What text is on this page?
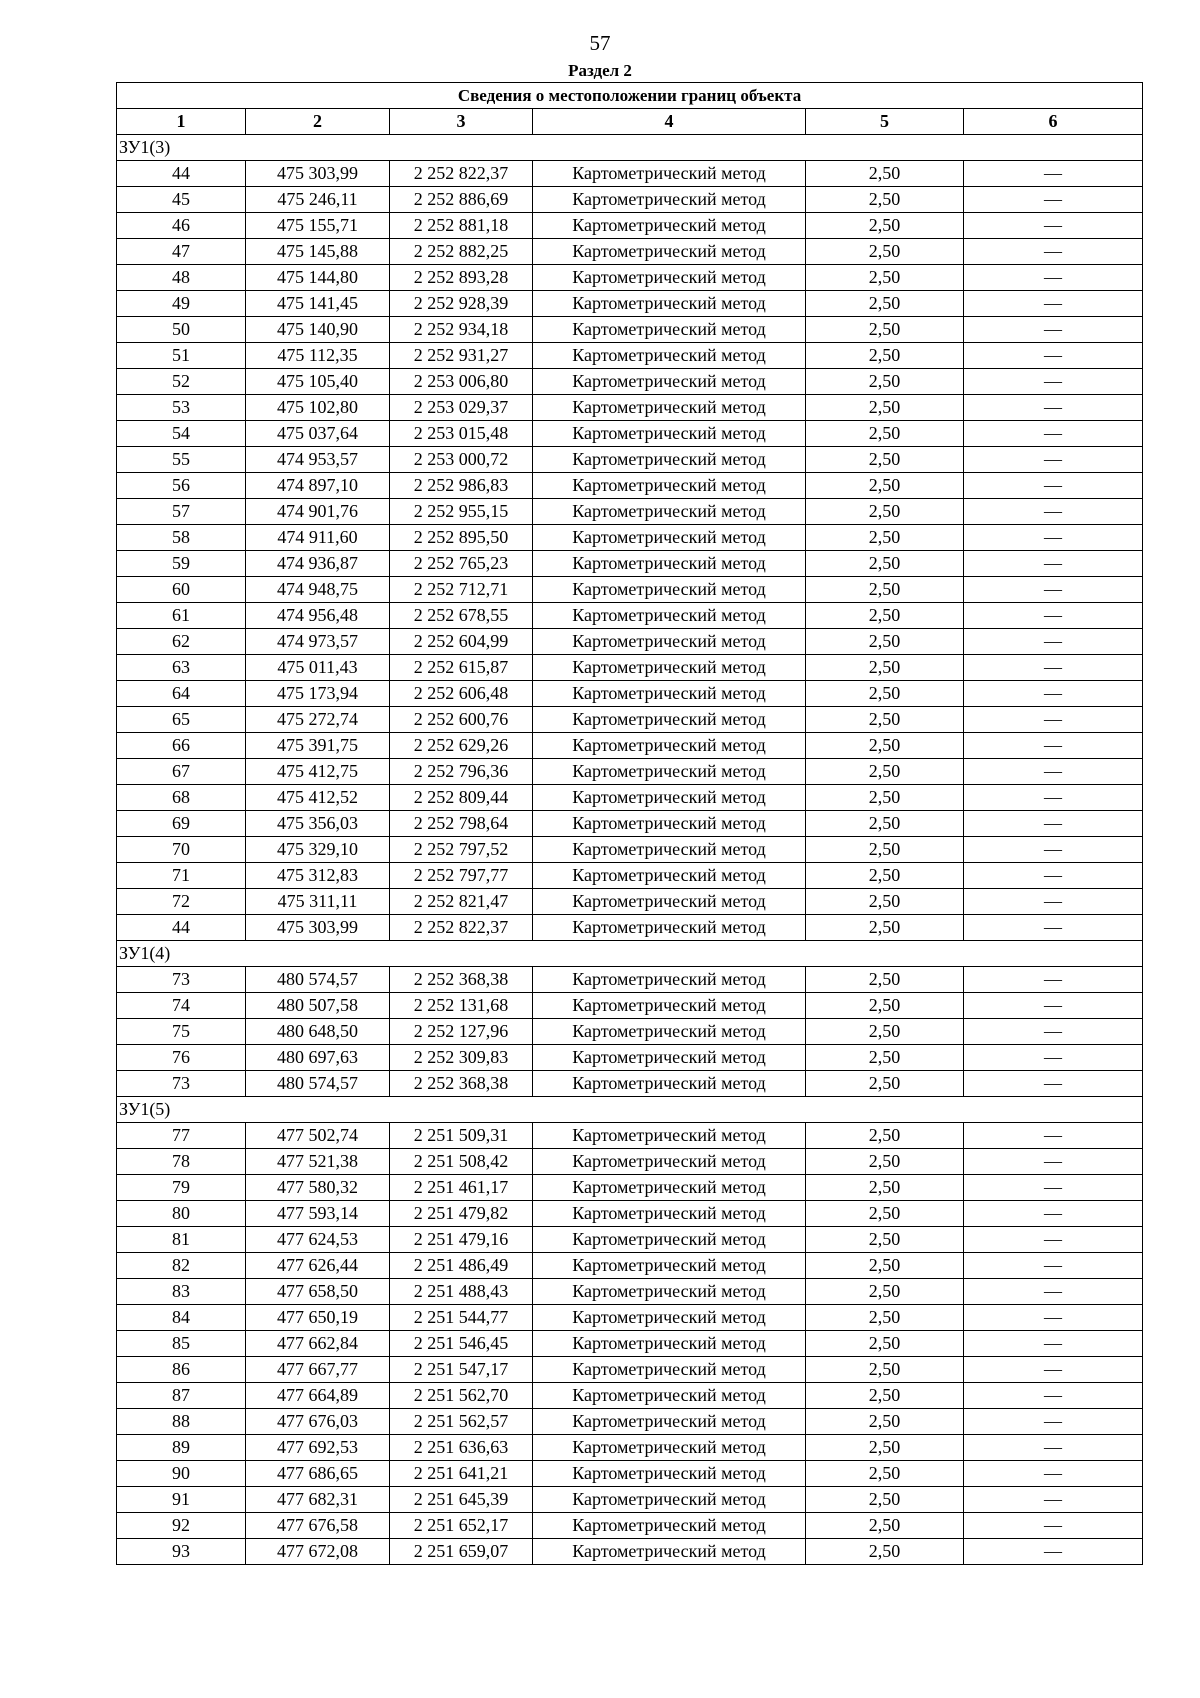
57
Раздел 2
Сведения о местоположении границ объекта					
1	2	3	4	5	6
ЗУ1(3)					
44	475 303,99	2 252 822,37	Картометрический метод	2,50	—
45	475 246,11	2 252 886,69	Картометрический метод	2,50	—
46	475 155,71	2 252 881,18	Картометрический метод	2,50	—
47	475 145,88	2 252 882,25	Картометрический метод	2,50	—
48	475 144,80	2 252 893,28	Картометрический метод	2,50	—
49	475 141,45	2 252 928,39	Картометрический метод	2,50	—
50	475 140,90	2 252 934,18	Картометрический метод	2,50	—
51	475 112,35	2 252 931,27	Картометрический метод	2,50	—
52	475 105,40	2 253 006,80	Картометрический метод	2,50	—
53	475 102,80	2 253 029,37	Картометрический метод	2,50	—
54	475 037,64	2 253 015,48	Картометрический метод	2,50	—
55	474 953,57	2 253 000,72	Картометрический метод	2,50	—
56	474 897,10	2 252 986,83	Картометрический метод	2,50	—
57	474 901,76	2 252 955,15	Картометрический метод	2,50	—
58	474 911,60	2 252 895,50	Картометрический метод	2,50	—
59	474 936,87	2 252 765,23	Картометрический метод	2,50	—
60	474 948,75	2 252 712,71	Картометрический метод	2,50	—
61	474 956,48	2 252 678,55	Картометрический метод	2,50	—
62	474 973,57	2 252 604,99	Картометрический метод	2,50	—
63	475 011,43	2 252 615,87	Картометрический метод	2,50	—
64	475 173,94	2 252 606,48	Картометрический метод	2,50	—
65	475 272,74	2 252 600,76	Картометрический метод	2,50	—
66	475 391,75	2 252 629,26	Картометрический метод	2,50	—
67	475 412,75	2 252 796,36	Картометрический метод	2,50	—
68	475 412,52	2 252 809,44	Картометрический метод	2,50	—
69	475 356,03	2 252 798,64	Картометрический метод	2,50	—
70	475 329,10	2 252 797,52	Картометрический метод	2,50	—
71	475 312,83	2 252 797,77	Картометрический метод	2,50	—
72	475 311,11	2 252 821,47	Картометрический метод	2,50	—
44	475 303,99	2 252 822,37	Картометрический метод	2,50	—
ЗУ1(4)					
73	480 574,57	2 252 368,38	Картометрический метод	2,50	—
74	480 507,58	2 252 131,68	Картометрический метод	2,50	—
75	480 648,50	2 252 127,96	Картометрический метод	2,50	—
76	480 697,63	2 252 309,83	Картометрический метод	2,50	—
73	480 574,57	2 252 368,38	Картометрический метод	2,50	—
ЗУ1(5)					
77	477 502,74	2 251 509,31	Картометрический метод	2,50	—
78	477 521,38	2 251 508,42	Картометрический метод	2,50	—
79	477 580,32	2 251 461,17	Картометрический метод	2,50	—
80	477 593,14	2 251 479,82	Картометрический метод	2,50	—
81	477 624,53	2 251 479,16	Картометрический метод	2,50	—
82	477 626,44	2 251 486,49	Картометрический метод	2,50	—
83	477 658,50	2 251 488,43	Картометрический метод	2,50	—
84	477 650,19	2 251 544,77	Картометрический метод	2,50	—
85	477 662,84	2 251 546,45	Картометрический метод	2,50	—
86	477 667,77	2 251 547,17	Картометрический метод	2,50	—
87	477 664,89	2 251 562,70	Картометрический метод	2,50	—
88	477 676,03	2 251 562,57	Картометрический метод	2,50	—
89	477 692,53	2 251 636,63	Картометрический метод	2,50	—
90	477 686,65	2 251 641,21	Картометрический метод	2,50	—
91	477 682,31	2 251 645,39	Картометрический метод	2,50	—
92	477 676,58	2 251 652,17	Картометрический метод	2,50	—
93	477 672,08	2 251 659,07	Картометрический метод	2,50	—
